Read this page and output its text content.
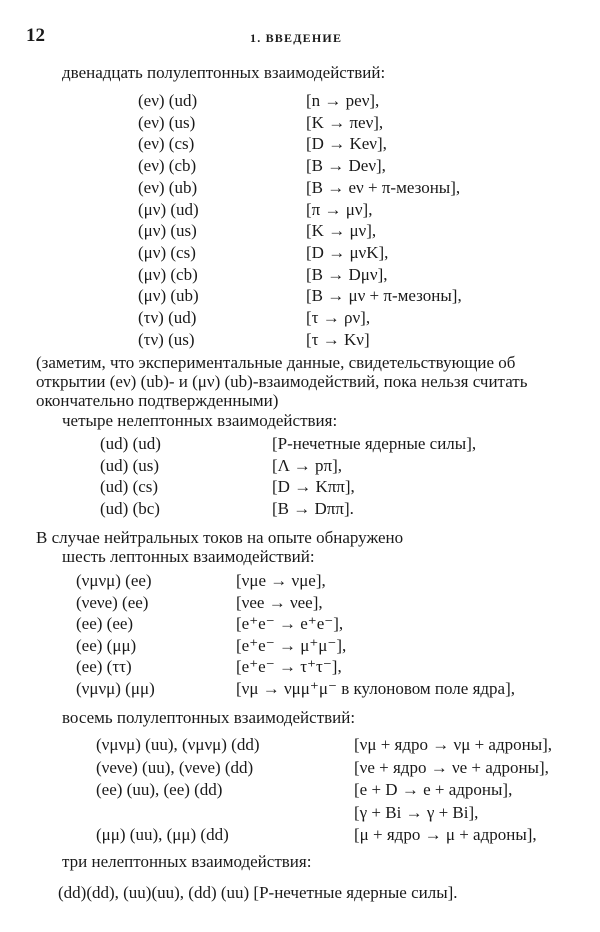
12	1. ВВЕДЕНИЕ
двенадцать полулептонных взаимодействий:
(eν) (ud)	[n → peν],
(eν) (us)	[K → πeν],
(eν) (cs)	[D → Keν],
(eν) (cb)	[B → Deν],
(eν) (ub)	[B → eν + π-мезоны],
(μν) (ud)	[π → μν],
(μν) (us)	[K → μν],
(μν) (cs)	[D → μνK],
(μν) (cb)	[B → Dμν],
(μν) (ub)	[B → μν + π-мезоны],
(τν) (ud)	[τ → ρν],
(τν) (us)	[τ → Kν]
(заметим, что экспериментальные данные, свидетельствующие об открытии (eν) (ub)- и (μν) (ub)-взаимодействий, пока нельзя считать окончательно подтвержденными)
четыре нелептонных взаимодействия:
(ud) (ud)	[P-нечетные ядерные силы],
(ud) (us)	[Λ → pπ],
(ud) (cs)	[D → Kππ],
(ud) (bc)	[B → Dππ].
В случае нейтральных токов на опыте обнаружено
шесть лептонных взаимодействий:
(νμνμ) (ee)	[νμe → νμe],
(νeνe) (ee)	[νee → νee],
(ee) (ee)	[e⁺e⁻ → e⁺e⁻],
(ee) (μμ)	[e⁺e⁻ → μ⁺μ⁻],
(ee) (ττ)	[e⁺e⁻ → τ⁺τ⁻],
(νμνμ) (μμ)	[νμ → νμμ⁺μ⁻ в кулоновом поле ядра],
восемь полулептонных взаимодействий:
(νμνμ) (uu), (νμνμ) (dd)	[νμ + ядро → νμ + адроны],
(νeνe) (uu), (νeνe) (dd)	[νe + ядро → νe + адроны],
(ee) (uu), (ee) (dd)	[e + D → e + адроны],
[γ + Bi → γ + Bi],
(μμ) (uu), (μμ) (dd)	[μ + ядро → μ + адроны],
три нелептонных взаимодействия:
(dd)(dd), (uu)(uu), (dd) (uu) [P-нечетные ядерные силы].
